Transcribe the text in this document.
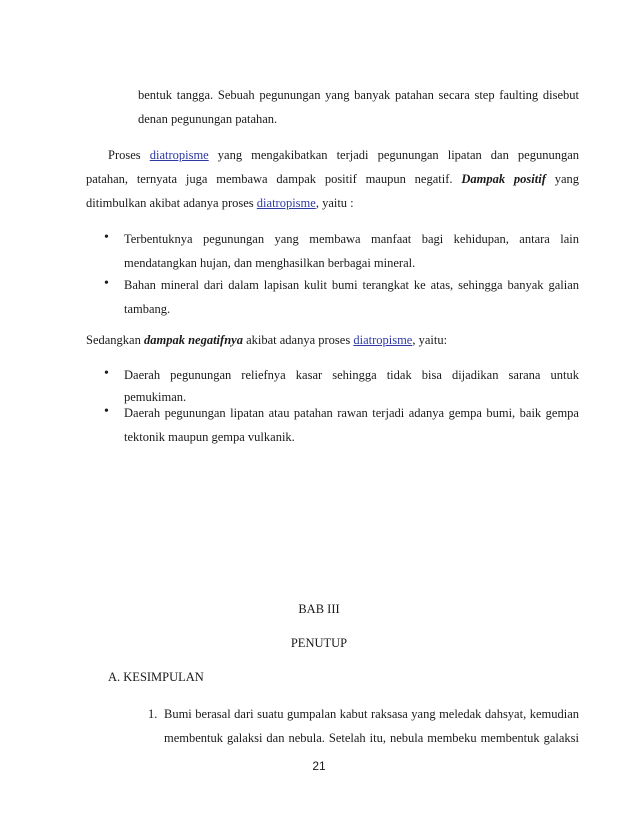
bentuk tangga. Sebuah pegunungan yang banyak patahan secara step faulting disebut
denan pegunungan patahan.
Proses diatropisme yang mengakibatkan terjadi pegunungan lipatan dan pegunungan
patahan, ternyata juga membawa dampak positif maupun negatif. Dampak positif yang
ditimbulkan akibat adanya proses diatropisme, yaitu :
• Terbentuknya pegunungan yang membawa manfaat bagi kehidupan, antara lain
mendatangkan hujan, dan menghasilkan berbagai mineral.
• Bahan mineral dari dalam lapisan kulit bumi terangkat ke atas, sehingga banyak galian
tambang.
Sedangkan dampak negatifnya akibat adanya proses diatropisme, yaitu:
• Daerah pegunungan reliefnya kasar sehingga tidak bisa dijadikan sarana untuk
pemukiman.
• Daerah pegunungan lipatan atau patahan rawan terjadi adanya gempa bumi, baik gempa
tektonik maupun gempa vulkanik.
BAB III
PENUTUP
A. KESIMPULAN
1. Bumi berasal dari suatu gumpalan kabut raksasa yang meledak dahsyat, kemudian
membentuk galaksi dan nebula. Setelah itu, nebula membeku membentuk galaksi
21
